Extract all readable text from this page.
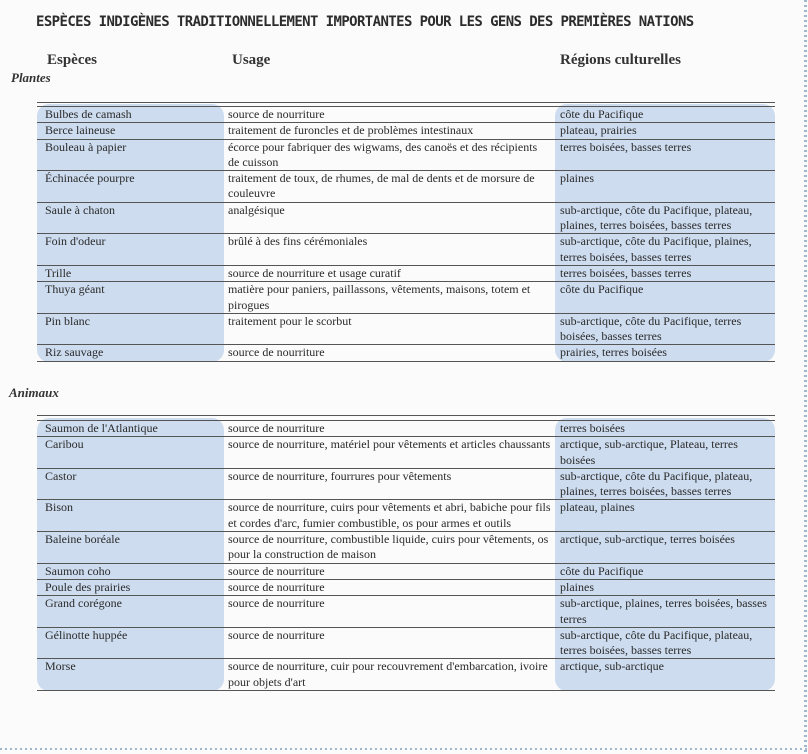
ESPÈCES INDIGÈNES TRADITIONNELLEMENT IMPORTANTES POUR LES GENS DES PREMIÈRES NATIONS
Espèces	Usage	Régions culturelles
Plantes
Animaux
Bulbes de camash	source de nourriture	côte du Pacifique
Berce laineuse	traitement de furoncles et de problèmes intestinaux	plateau, prairies
Bouleau à papier	écorce pour fabriquer des wigwams, des canoës et des récipients de cuisson	terres boisées, basses terres
Échinacée pourpre	traitement de toux, de rhumes, de mal de dents et de morsure de couleuvre	plaines
Saule à chaton	analgésique	sub-arctique, côte du Pacifique, plateau, plaines, terres boisées, basses terres
Foin d'odeur	brûlé à des fins cérémoniales	sub-arctique, côte du Pacifique, plaines, terres boisées, basses terres
Trille	source de nourriture et usage curatif	terres boisées, basses terres
Thuya géant	matière pour paniers, paillassons, vêtements, maisons, totem et pirogues	côte du Pacifique
Pin blanc	traitement pour le scorbut	sub-arctique, côte du Pacifique, terres boisées, basses terres
Riz sauvage	source de nourriture	prairies, terres boisées
Saumon de l'Atlantique	source de nourriture	terres boisées
Caribou	source de nourriture, matériel pour vêtements et articles chaussants	arctique, sub-arctique, Plateau, terres boisées
Castor	source de nourriture, fourrures pour vêtements	sub-arctique, côte du Pacifique, plateau, plaines, terres boisées, basses terres
Bison	source de nourriture, cuirs pour vêtements et abri, babiche pour fils et cordes d'arc, fumier combustible, os pour armes et outils	plateau, plaines
Baleine boréale	source de nourriture, combustible liquide, cuirs pour vêtements, os pour la construction de maison	arctique, sub-arctique, terres boisées
Saumon coho	source de nourriture	côte du Pacifique
Poule des prairies	source de nourriture	plaines
Grand corégone	source de nourriture	sub-arctique, plaines, terres boisées, basses terres
Gélinotte huppée	source de nourriture	sub-arctique, côte du Pacifique, plateau, terres boisées, basses terres
Morse	source de nourriture, cuir pour recouvrement d'embarcation, ivoire pour objets d'art	arctique, sub-arctique
